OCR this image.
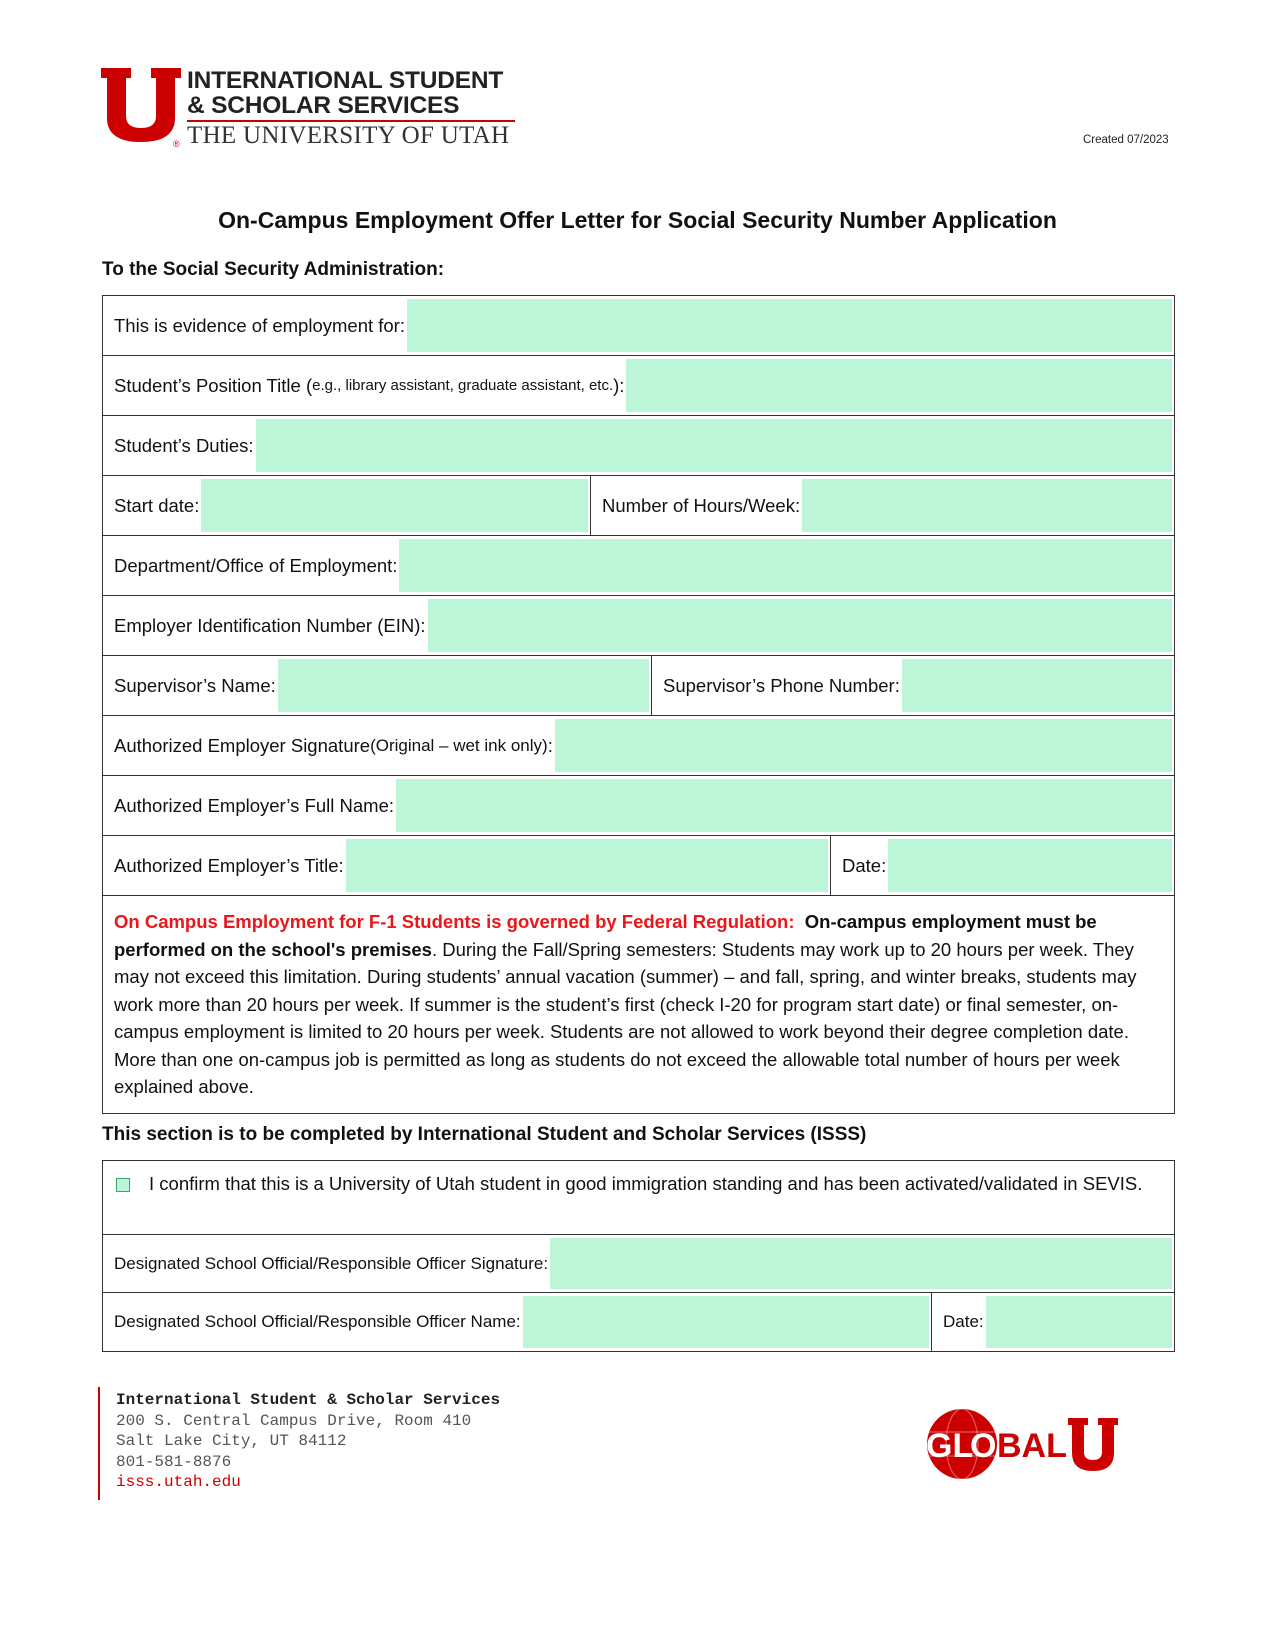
®
INTERNATIONAL STUDENT
& SCHOLAR SERVICES
THE UNIVERSITY OF UTAH	Created 07/2023
On-Campus Employment Offer Letter for Social Security Number Application
To the Social Security Administration:
This is evidence of employment for:
Student’s Position Title ( e.g., library assistant, graduate assistant, etc. ):
Student’s Duties:
Start date:	Number of Hours/Week:
Department/Office of Employment:
Employer Identification Number (EIN):
Supervisor’s Name:	Supervisor’s Phone Number:
Authorized Employer Signature (Original – wet ink only) :
Authorized Employer’s Full Name:
Authorized Employer’s Title:	Date:
On Campus Employment for F-1 Students is governed by Federal Regulation: On-campus employment must be performed on the school's premises. During the Fall/Spring semesters: Students may work up to 20 hours per week. They may not exceed this limitation. During students’ annual vacation (summer) – and fall, spring, and winter breaks, students may work more than 20 hours per week. If summer is the student’s first (check I-20 for program start date) or final semester, on-campus employment is limited to 20 hours per week. Students are not allowed to work beyond their degree completion date. More than one on-campus job is permitted as long as students do not exceed the allowable total number of hours per week explained above.
This section is to be completed by International Student and Scholar Services (ISSS)
I confirm that this is a University of Utah student in good immigration standing and has been activated/validated in SEVIS.
Designated School Official/Responsible Officer Signature:
Designated School Official/Responsible Officer Name:	Date:
International Student & Scholar Services
200 S. Central Campus Drive, Room 410
Salt Lake City, UT 84112
801-581-8876
isss.utah.edu
GL
O BAL
